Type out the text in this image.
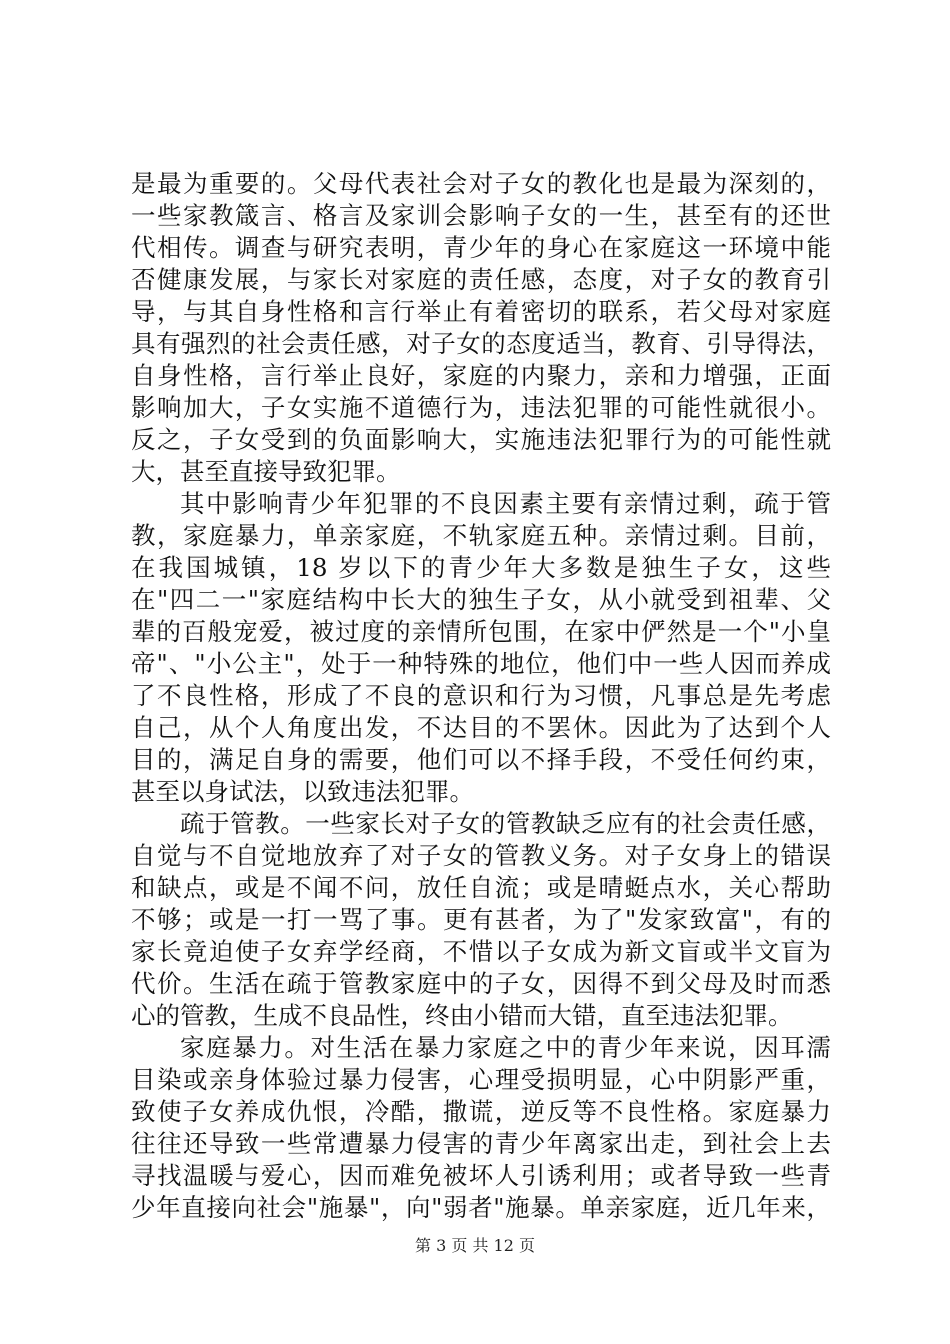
是最为重要的。父母代表社会对子女的教化也是最为深刻的，
一些家教箴言、格言及家训会影响子女的一生，甚至有的还世
代相传。调查与研究表明，青少年的身心在家庭这一环境中能
否健康发展，与家长对家庭的责任感，态度，对子女的教育引
导，与其自身性格和言行举止有着密切的联系，若父母对家庭
具有强烈的社会责任感，对子女的态度适当，教育、引导得法，
自身性格，言行举止良好，家庭的内聚力，亲和力增强，正面
影响加大，子女实施不道德行为，违法犯罪的可能性就很小。
反之，子女受到的负面影响大，实施违法犯罪行为的可能性就
大，甚至直接导致犯罪。
其中影响青少年犯罪的不良因素主要有亲情过剩，疏于管
教，家庭暴力，单亲家庭，不轨家庭五种。亲情过剩。目前，
在我国城镇，18 岁以下的青少年大多数是独生子女，这些
在"四二一"家庭结构中长大的独生子女，从小就受到祖辈、父
辈的百般宠爱，被过度的亲情所包围，在家中俨然是一个"小皇
帝"、"小公主"，处于一种特殊的地位，他们中一些人因而养成
了不良性格，形成了不良的意识和行为习惯，凡事总是先考虑
自己，从个人角度出发，不达目的不罢休。因此为了达到个人
目的，满足自身的需要，他们可以不择手段，不受任何约束，
甚至以身试法，以致违法犯罪。
疏于管教。一些家长对子女的管教缺乏应有的社会责任感，
自觉与不自觉地放弃了对子女的管教义务。对子女身上的错误
和缺点，或是不闻不问，放任自流；或是晴蜓点水，关心帮助
不够；或是一打一骂了事。更有甚者，为了"发家致富"，有的
家长竟迫使子女弃学经商，不惜以子女成为新文盲或半文盲为
代价。生活在疏于管教家庭中的子女，因得不到父母及时而悉
心的管教，生成不良品性，终由小错而大错，直至违法犯罪。
家庭暴力。对生活在暴力家庭之中的青少年来说，因耳濡
目染或亲身体验过暴力侵害，心理受损明显，心中阴影严重，
致使子女养成仇恨，冷酷，撒谎，逆反等不良性格。家庭暴力
往往还导致一些常遭暴力侵害的青少年离家出走，到社会上去
寻找温暖与爱心，因而难免被坏人引诱利用；或者导致一些青
少年直接向社会"施暴"，向"弱者"施暴。单亲家庭，近几年来，
第 3 页 共 12 页
